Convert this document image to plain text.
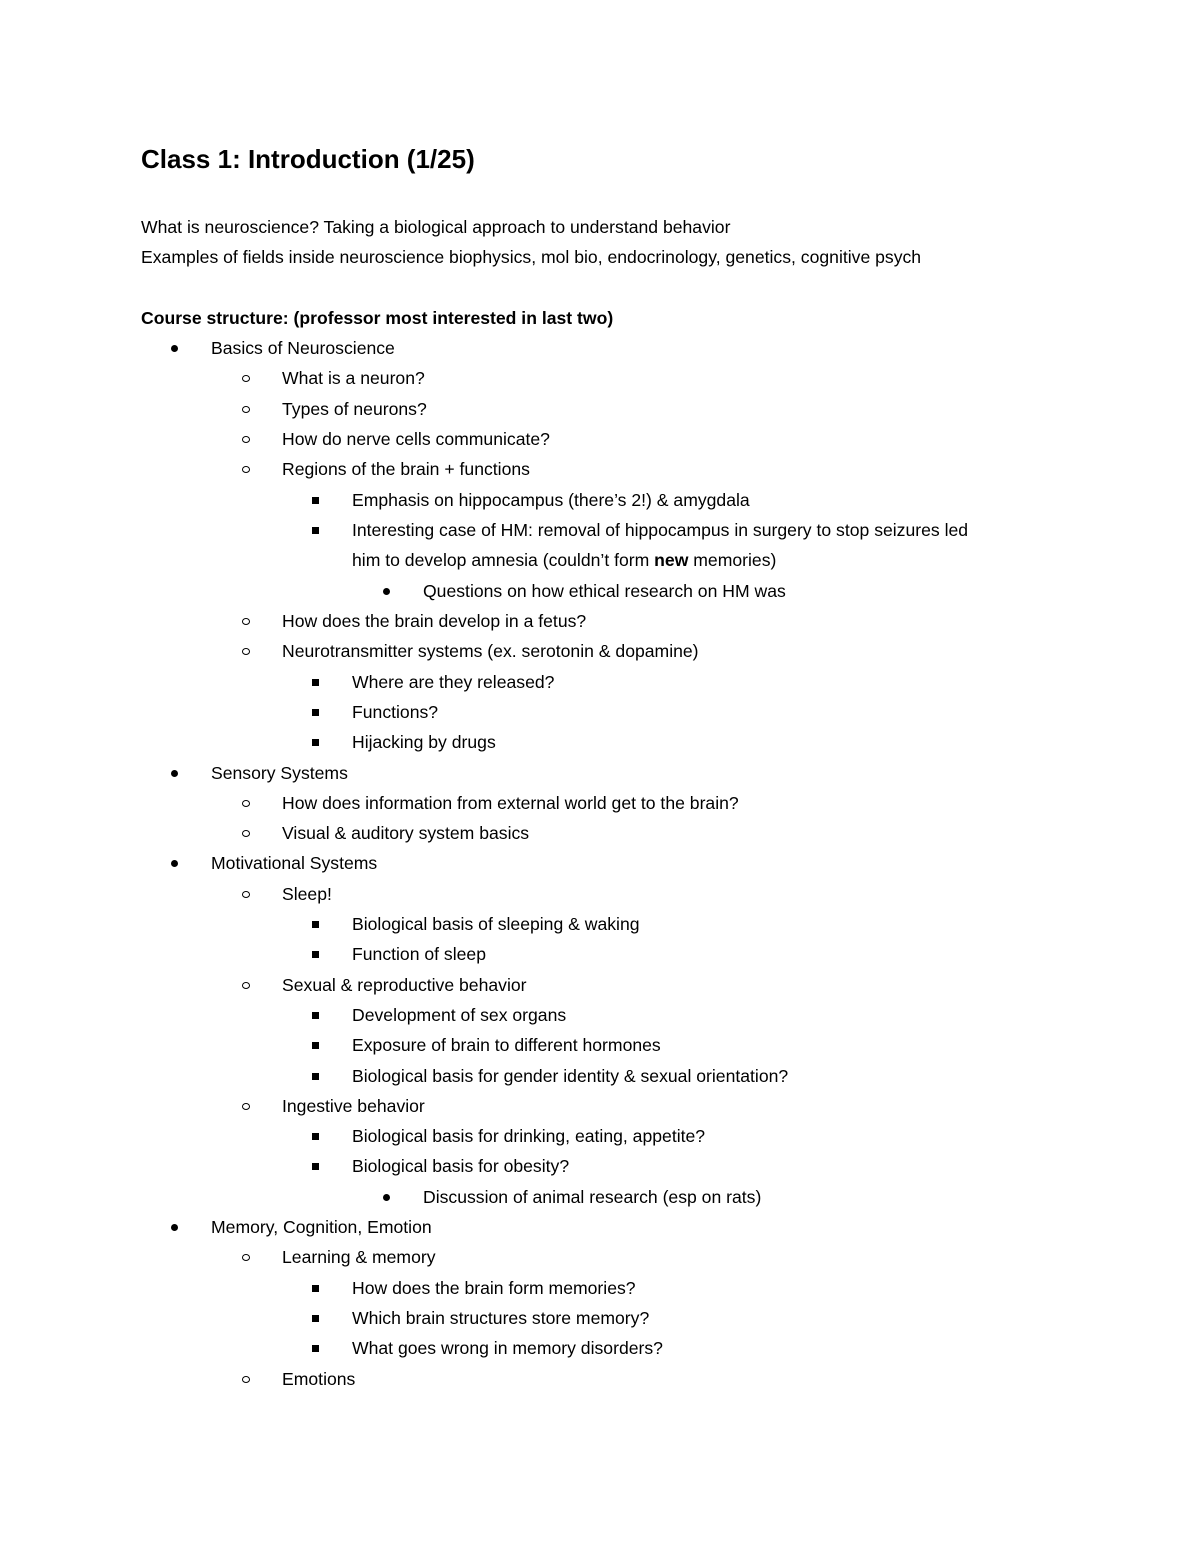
Class 1: Introduction (1/25)
What is neuroscience? Taking a biological approach to understand behavior
Examples of fields inside neuroscience biophysics, mol bio, endocrinology, genetics, cognitive psych
Course structure: (professor most interested in last two)
Basics of Neuroscience
What is a neuron?
Types of neurons?
How do nerve cells communicate?
Regions of the brain + functions
Emphasis on hippocampus (there’s 2!) & amygdala
Interesting case of HM: removal of hippocampus in surgery to stop seizures led
him to develop amnesia (couldn’t form new memories)
Questions on how ethical research on HM was
How does the brain develop in a fetus?
Neurotransmitter systems (ex. serotonin & dopamine)
Where are they released?
Functions?
Hijacking by drugs
Sensory Systems
How does information from external world get to the brain?
Visual & auditory system basics
Motivational Systems
Sleep!
Biological basis of sleeping & waking
Function of sleep
Sexual & reproductive behavior
Development of sex organs
Exposure of brain to different hormones
Biological basis for gender identity & sexual orientation?
Ingestive behavior
Biological basis for drinking, eating, appetite?
Biological basis for obesity?
Discussion of animal research (esp on rats)
Memory, Cognition, Emotion
Learning & memory
How does the brain form memories?
Which brain structures store memory?
What goes wrong in memory disorders?
Emotions
